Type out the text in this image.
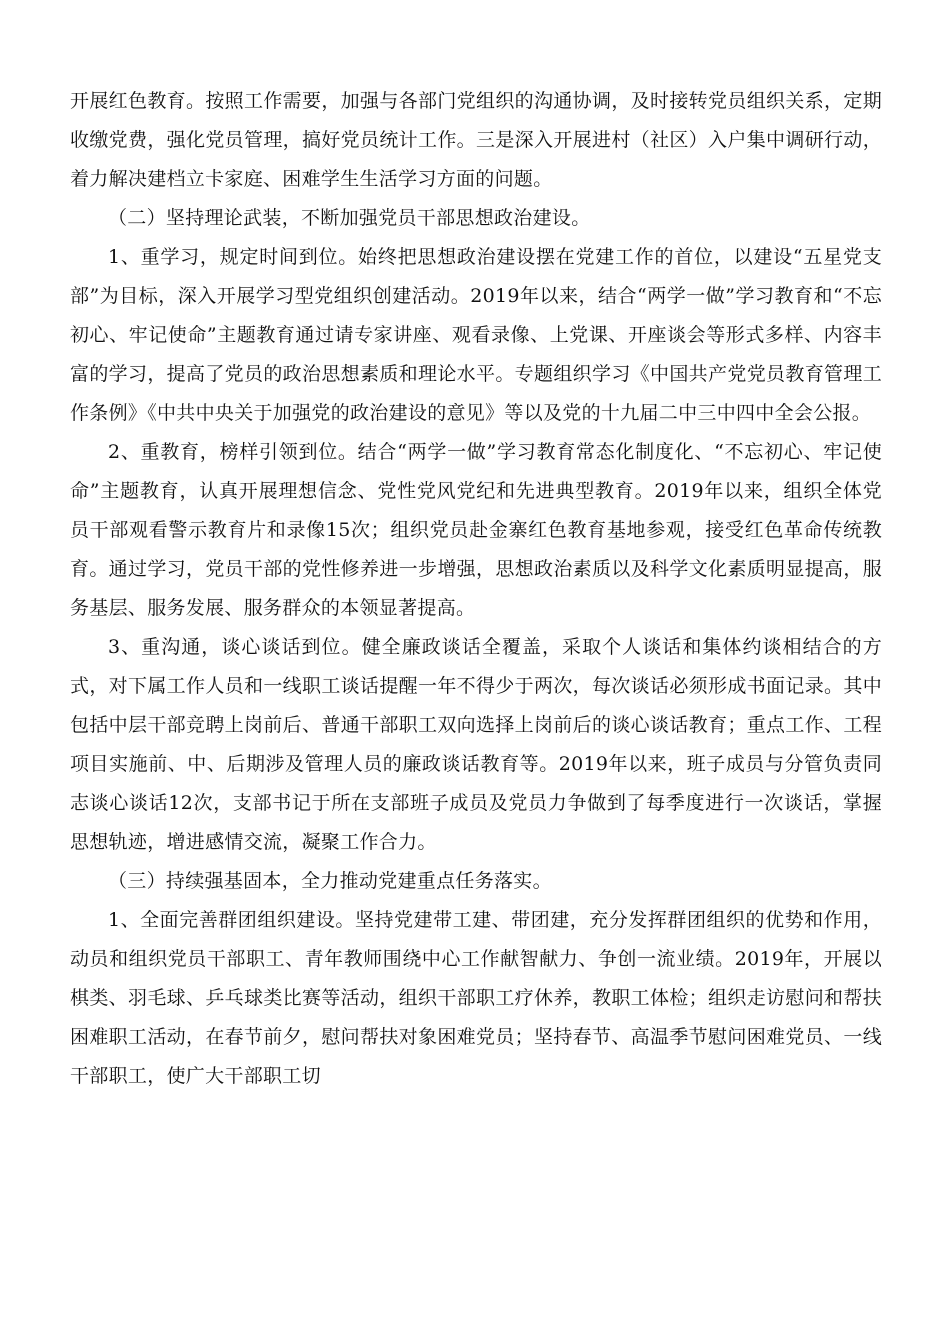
开展红色教育。按照工作需要，加强与各部门党组织的沟通协调，及时接转党员组织关系，定期收缴党费，强化党员管理，搞好党员统计工作。三是深入开展进村（社区）入户集中调研行动，着力解决建档立卡家庭、困难学生生活学习方面的问题。

（二）坚持理论武装，不断加强党员干部思想政治建设。

1、重学习，规定时间到位。始终把思想政治建设摆在党建工作的首位，以建设“五星党支部”为目标，深入开展学习型党组织创建活动。2019年以来，结合“两学一做”学习教育和“不忘初心、牢记使命”主题教育通过请专家讲座、观看录像、上党课、开座谈会等形式多样、内容丰富的学习，提高了党员的政治思想素质和理论水平。专题组织学习《中国共产党党员教育管理工作条例》《中共中央关于加强党的政治建设的意见》等以及党的十九届二中三中四中全会公报。

2、重教育，榜样引领到位。结合“两学一做”学习教育常态化制度化、“不忘初心、牢记使命”主题教育，认真开展理想信念、党性党风党纪和先进典型教育。2019年以来，组织全体党员干部观看警示教育片和录像15次；组织党员赴金寨红色教育基地参观，接受红色革命传统教育。通过学习，党员干部的党性修养进一步增强，思想政治素质以及科学文化素质明显提高，服务基层、服务发展、服务群众的本领显著提高。

3、重沟通，谈心谈话到位。健全廉政谈话全覆盖，采取个人谈话和集体约谈相结合的方式，对下属工作人员和一线职工谈话提醒一年不得少于两次，每次谈话必须形成书面记录。其中包括中层干部竞聘上岗前后、普通干部职工双向选择上岗前后的谈心谈话教育；重点工作、工程项目实施前、中、后期涉及管理人员的廉政谈话教育等。2019年以来，班子成员与分管负责同志谈心谈话12次，支部书记于所在支部班子成员及党员力争做到了每季度进行一次谈话，掌握思想轨迹，增进感情交流，凝聚工作合力。

（三）持续强基固本，全力推动党建重点任务落实。

1、全面完善群团组织建设。坚持党建带工建、带团建，充分发挥群团组织的优势和作用，动员和组织党员干部职工、青年教师围绕中心工作献智献力、争创一流业绩。2019年，开展以棋类、羽毛球、乒乓球类比赛等活动，组织干部职工疗休养，教职工体检；组织走访慰问和帮扶困难职工活动，在春节前夕，慰问帮扶对象困难党员；坚持春节、高温季节慰问困难党员、一线干部职工，使广大干部职工切
